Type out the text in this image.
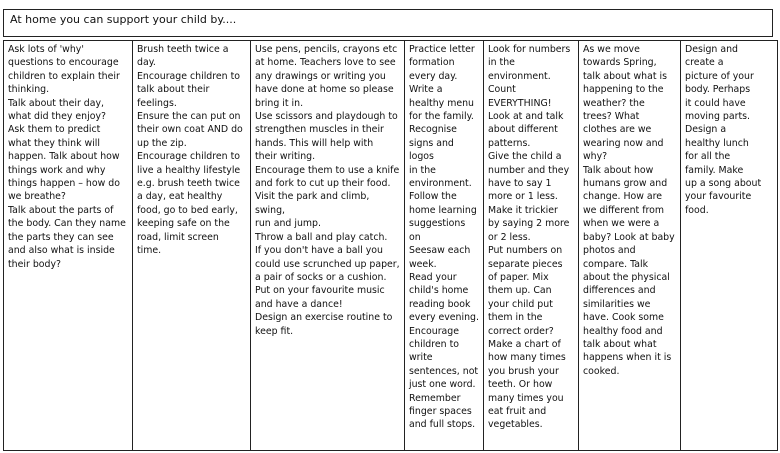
At home you can support your child by....
Ask lots of 'why'
questions to encourage
children to explain their
thinking.
Talk about their day,
what did they enjoy?
Ask them to predict
what they think will
happen. Talk about how
things work and why
things happen – how do
we breathe?
Talk about the parts of
the body. Can they name
the parts they can see
and also what is inside
their body?

Brush teeth twice a
day.
Encourage children to
talk about their
feelings.
Ensure the can put on
their own coat AND do
up the zip.
Encourage children to
live a healthy lifestyle
e.g. brush teeth twice
a day, eat healthy
food, go to bed early,
keeping safe on the
road, limit screen
time.

Use pens, pencils, crayons etc
at home. Teachers love to see
any drawings or writing you
have done at home so please
bring it in.
Use scissors and playdough to
strengthen muscles in their
hands. This will help with
their writing.
Encourage them to use a knife
and fork to cut up their food.
Visit the park and climb, swing,
run and jump.
Throw a ball and play catch.
If you don't have a ball you
could use scrunched up paper,
a pair of socks or a cushion.
Put on your favourite music
and have a dance!
Design an exercise routine to
keep fit.

Practice letter
formation
every day.
Write a
healthy menu
for the family.
Recognise
signs and logos
in the
environment.
Follow the
home learning
suggestions on
Seesaw each
week.
Read your
child's home
reading book
every evening.
Encourage
children to
write
sentences, not
just one word.
Remember
finger spaces
and full stops.

Look for numbers
in the
environment.
Count
EVERYTHING!
Look at and talk
about different
patterns.
Give the child a
number and they
have to say 1
more or 1 less.
Make it trickier
by saying 2 more
or 2 less.
Put numbers on
separate pieces
of paper. Mix
them up. Can
your child put
them in the
correct order?
Make a chart of
how many times
you brush your
teeth. Or how
many times you
eat fruit and
vegetables.

As we move
towards Spring,
talk about what is
happening to the
weather? the
trees? What
clothes are we
wearing now and
why?
Talk about how
humans grow and
change. How are
we different from
when we were a
baby? Look at baby
photos and
compare. Talk
about the physical
differences and
similarities we
have. Cook some
healthy food and
talk about what
happens when it is
cooked.

Design and
create a
picture of your
body. Perhaps
it could have
moving parts.
Design a
healthy lunch
for all the
family. Make
up a song about
your favourite
food.
